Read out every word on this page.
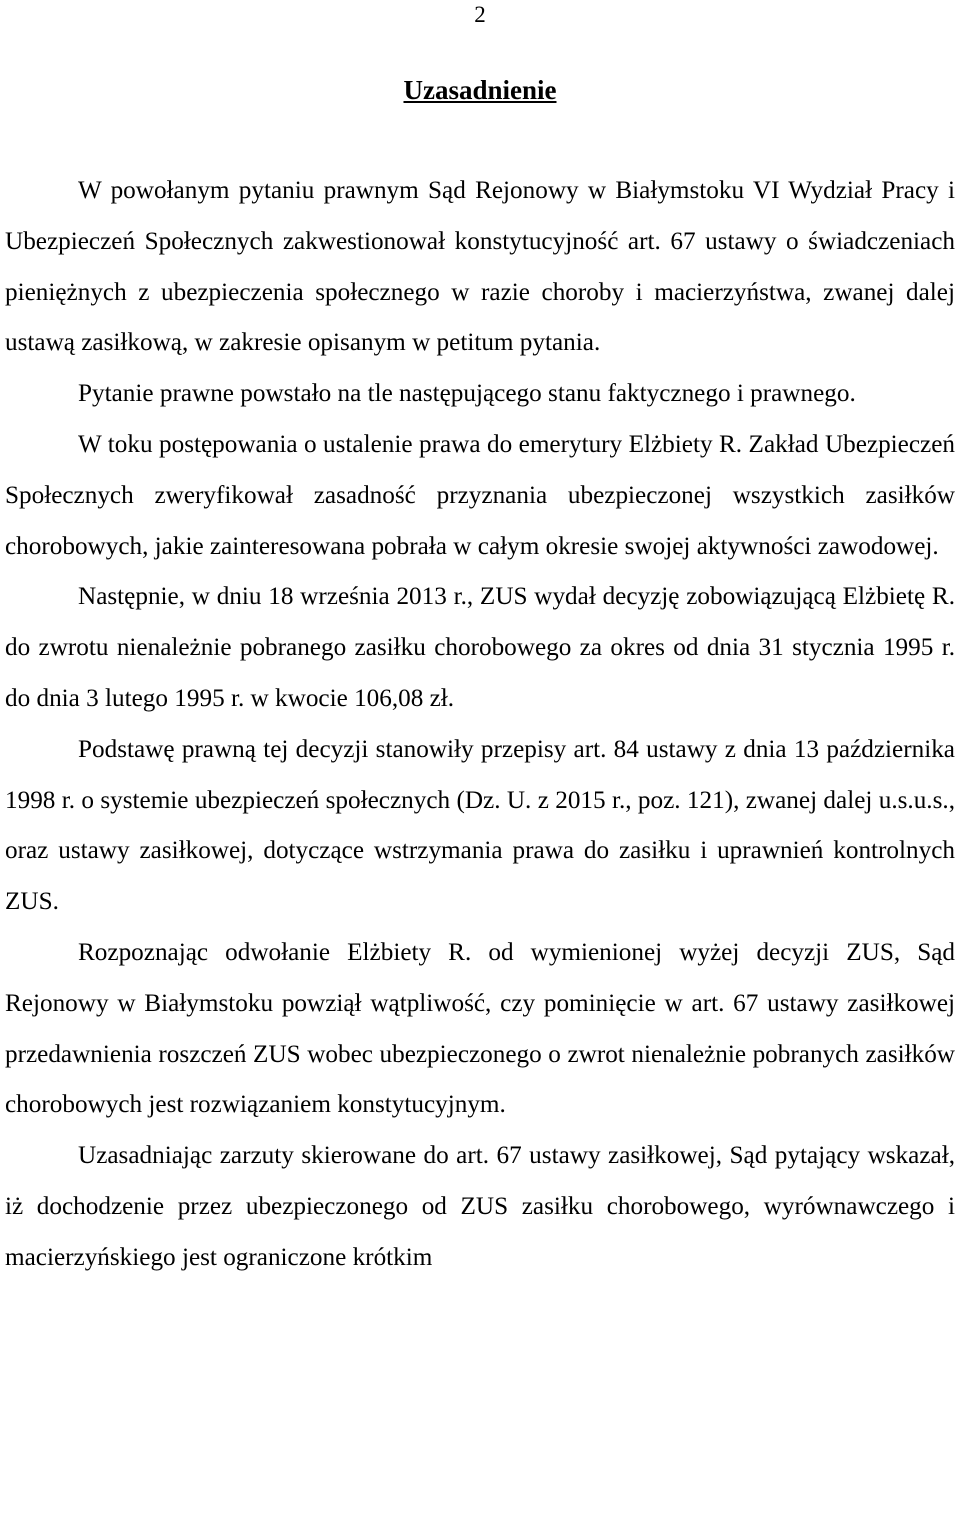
2
Uzasadnienie

W powołanym pytaniu prawnym Sąd Rejonowy w Białymstoku VI Wydział Pracy i Ubezpieczeń Społecznych zakwestionował konstytucyjność art. 67 ustawy o świadczeniach pieniężnych z ubezpieczenia społecznego w razie choroby i macierzyństwa, zwanej dalej ustawą zasiłkową, w zakresie opisanym w petitum pytania.

Pytanie prawne powstało na tle następującego stanu faktycznego i prawnego.

W toku postępowania o ustalenie prawa do emerytury Elżbiety R. Zakład Ubezpieczeń Społecznych zweryfikował zasadność przyznania ubezpieczonej wszystkich zasiłków chorobowych, jakie zainteresowana pobrała w całym okresie swojej aktywności zawodowej.

Następnie, w dniu 18 września 2013 r., ZUS wydał decyzję zobowiązującą Elżbietę R. do zwrotu nienależnie pobranego zasiłku chorobowego za okres od dnia 31 stycznia 1995 r. do dnia 3 lutego 1995 r. w kwocie 106,08 zł.

Podstawę prawną tej decyzji stanowiły przepisy art. 84 ustawy z dnia 13 października 1998 r. o systemie ubezpieczeń społecznych (Dz. U. z 2015 r., poz. 121), zwanej dalej u.s.u.s., oraz ustawy zasiłkowej, dotyczące wstrzymania prawa do zasiłku i uprawnień kontrolnych ZUS.

Rozpoznając odwołanie Elżbiety R. od wymienionej wyżej decyzji ZUS, Sąd Rejonowy w Białymstoku powziął wątpliwość, czy pominięcie w art. 67 ustawy zasiłkowej przedawnienia roszczeń ZUS wobec ubezpieczonego o zwrot nienależnie pobranych zasiłków chorobowych jest rozwiązaniem konstytucyjnym.

Uzasadniając zarzuty skierowane do art. 67 ustawy zasiłkowej, Sąd pytający wskazał, iż dochodzenie przez ubezpieczonego od ZUS zasiłku chorobowego, wyrównawczego i macierzyńskiego jest ograniczone krótkim
